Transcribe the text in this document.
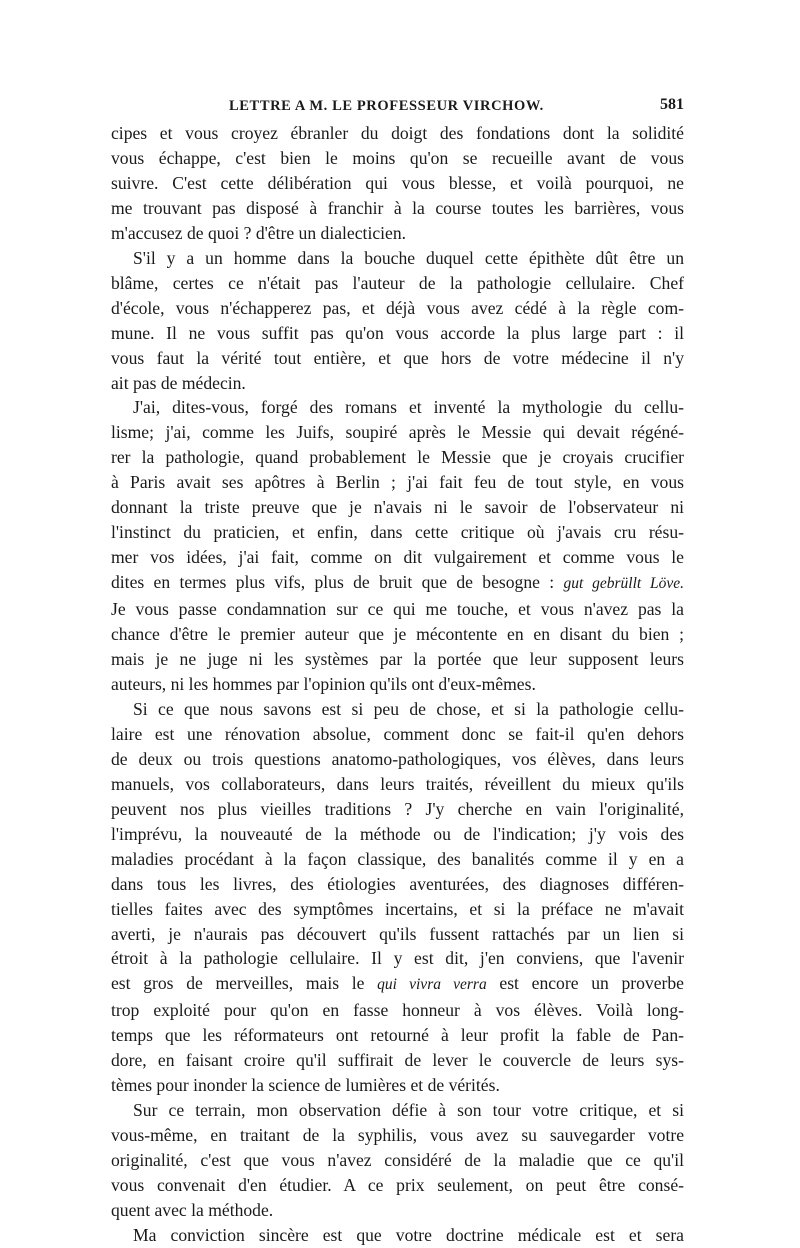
LETTRE A M. LE PROFESSEUR VIRCHOW.	581

cipes et vous croyez ébranler du doigt des fondations dont la solidité
vous échappe, c'est bien le moins qu'on se recueille avant de vous
suivre. C'est cette délibération qui vous blesse, et voilà pourquoi, ne
me trouvant pas disposé à franchir à la course toutes les barrières, vous
m'accusez de quoi ? d'être un dialecticien.

S'il y a un homme dans la bouche duquel cette épithète dût être un
blâme, certes ce n'était pas l'auteur de la pathologie cellulaire. Chef
d'école, vous n'échapperez pas, et déjà vous avez cédé à la règle com-
mune. Il ne vous suffit pas qu'on vous accorde la plus large part : il
vous faut la vérité tout entière, et que hors de votre médecine il n'y
ait pas de médecin.

J'ai, dites-vous, forgé des romans et inventé la mythologie du cellu-
lisme; j'ai, comme les Juifs, soupiré après le Messie qui devait régéné-
rer la pathologie, quand probablement le Messie que je croyais crucifier
à Paris avait ses apôtres à Berlin ; j'ai fait feu de tout style, en vous
donnant la triste preuve que je n'avais ni le savoir de l'observateur ni
l'instinct du praticien, et enfin, dans cette critique où j'avais cru résu-
mer vos idées, j'ai fait, comme on dit vulgairement et comme vous le
dites en termes plus vifs, plus de bruit que de besogne : gut gebrüllt Löve.
Je vous passe condamnation sur ce qui me touche, et vous n'avez pas la
chance d'être le premier auteur que je mécontente en en disant du bien ;
mais je ne juge ni les systèmes par la portée que leur supposent leurs
auteurs, ni les hommes par l'opinion qu'ils ont d'eux-mêmes.

Si ce que nous savons est si peu de chose, et si la pathologie cellu-
laire est une rénovation absolue, comment donc se fait-il qu'en dehors
de deux ou trois questions anatomo-pathologiques, vos élèves, dans leurs
manuels, vos collaborateurs, dans leurs traités, réveillent du mieux qu'ils
peuvent nos plus vieilles traditions ? J'y cherche en vain l'originalité,
l'imprévu, la nouveauté de la méthode ou de l'indication; j'y vois des
maladies procédant à la façon classique, des banalités comme il y en a
dans tous les livres, des étiologies aventurées, des diagnoses différen-
tielles faites avec des symptômes incertains, et si la préface ne m'avait
averti, je n'aurais pas découvert qu'ils fussent rattachés par un lien si
étroit à la pathologie cellulaire. Il y est dit, j'en conviens, que l'avenir
est gros de merveilles, mais le qui vivra verra est encore un proverbe
trop exploité pour qu'on en fasse honneur à vos élèves. Voilà long-
temps que les réformateurs ont retourné à leur profit la fable de Pan-
dore, en faisant croire qu'il suffirait de lever le couvercle de leurs sys-
tèmes pour inonder la science de lumières et de vérités.

Sur ce terrain, mon observation défie à son tour votre critique, et si
vous-même, en traitant de la syphilis, vous avez su sauvegarder votre
originalité, c'est que vous n'avez considéré de la maladie que ce qu'il
vous convenait d'en étudier. A ce prix seulement, on peut être consé-
quent avec la méthode.

Ma conviction sincère est que votre doctrine médicale est et sera
